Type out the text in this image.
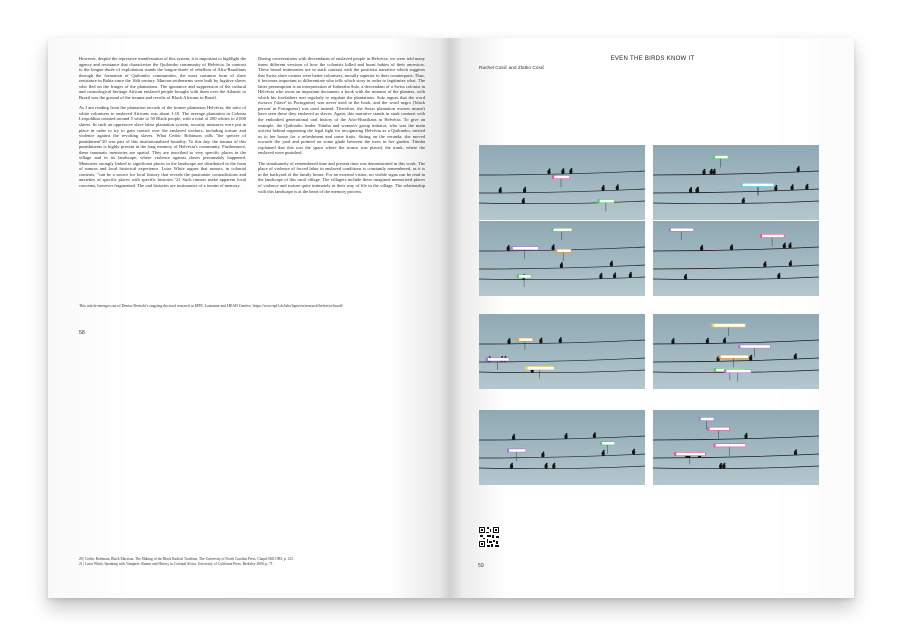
However, despite the repressive manifestation of this system, it is important to highlight the agency and resistance that characterize the Quilombo community of Helvécia. In contrast to the longue-durée of exploitation stands the longue-durée of rebellion of Afro-Brazilians through the formation of Quilombo communities, the most common form of slave resistance in Bahia since the 16th century. Maroon settlements were built by fugitive slaves who fled on the fringes of the plantations. The ignorance and suppression of the cultural and cosmological heritage African enslaved people brought with them over the Atlantic to Brazil was the ground of the trauma and revolts of Black Africans in Brazil.

As I am reading from the plantation records of the former plantation Helvécia, the ratio of white colonisers to enslaved Africans was about 1:10. The average plantation in Colonia Leopoldina counted around 5 white to 50 Black people, with a total of 200 whites to 2,000 slaves. In such an oppressive slave labor plantation system, security measures were put in place in order to try to gain control over the enslaved workers, including torture and violence against the revolting slaves. What Cedric Robinson calls "the specter of punishment"20 was part of this institutionalized brutality. To this day, the trauma of this punishments is highly present in the long memory of Helvécia's community. Furthermore, these traumatic memories are spatial. They are inscribed to very specific places in the village and in its landscape, where violence against slaves presumably happened. Memories strongly linked to significant places in the landscape are distributed in the form of rumors and local historical experience. Luise White argues that rumors, in colonial contexts, "can be a source for local history that reveals the passionate contradictions and anxieties of specific places with specific histories."21 Such rumors make apparent local concerns, however fragmented. The oral histories are testimonies of a terrain of memory.

During conversations with descendants of enslaved people in Helvécia, we were told many times different versions of how the colonists killed and burnt babies of their ancestors. These brutal testimonies are in stark contrast with the positivist narrative which suggests that Swiss slave owners were better colonisers, morally superior to their counterparts. Thus, it becomes important to differentiate who tells which story in order to legitimize what. The latter presumption is an interpretation of Itaberaba Sulz, a descendant of a Swiss colonist in Helvécia who owns an important document, a book with the minutes of the planters, with which his forefathers met regularly to regulate the plantations. Sulz argues that the word escravo ('slave' in Portuguese) was never used in the book, and the word negro ('black person' in Portuguese) was used instead. Therefore, the Swiss plantation owners mustn't have seen those they enslaved as slaves. Again, this narrative stands in stark contrast with the embodied generational oral history of the Afro-Brazilians in Helvécia. To give an example, the Quilombo leader Titinha and women's group initiator, who was the main activist behind organizing the legal fight for recognizing Helvécia as a Quilombo, invited us to her house for a refreshment and some fruits. Sitting on the veranda, she moved towards the yard and pointed on some glade between the trees in her garden. Titinha explained that this was the space where the tronco was placed, the trunk, where the enslaved were punished.

The simultaneity of remembered time and present time was demonstrated in this work. The place of violence of forced labor in enslaved conditions is constantly remembered, as it is in the backyard of the family house. For an external visitor, no visible signs can be read in the landscape of this rural village. The villagers include these imagined memorized places of violence and torture quite intimately in their way of life in the village. The relationship with this landscape is at the heart of the memory process.

This article emerges out of Denise Bertschi's ongoing doctoral research at EPFL Lausanne and HEAD Genève. https://www.epfl.ch/labs/lapis/en/research/helvecia-brazil/
58
20 | Cedric Robinson, Black Marxism. The Making of the Black Radical Tradition, The University of North Carolina Press, Chapel Hill 1983, p. 125.
21 | Luise White, Speaking with Vampires. Rumor and History in Colonial Africa, University of California Press, Berkeley 2000, p. 71.
EVEN THE BIRDS KNOW IT
Rachel Cosić and Zlatko Cosić
59
